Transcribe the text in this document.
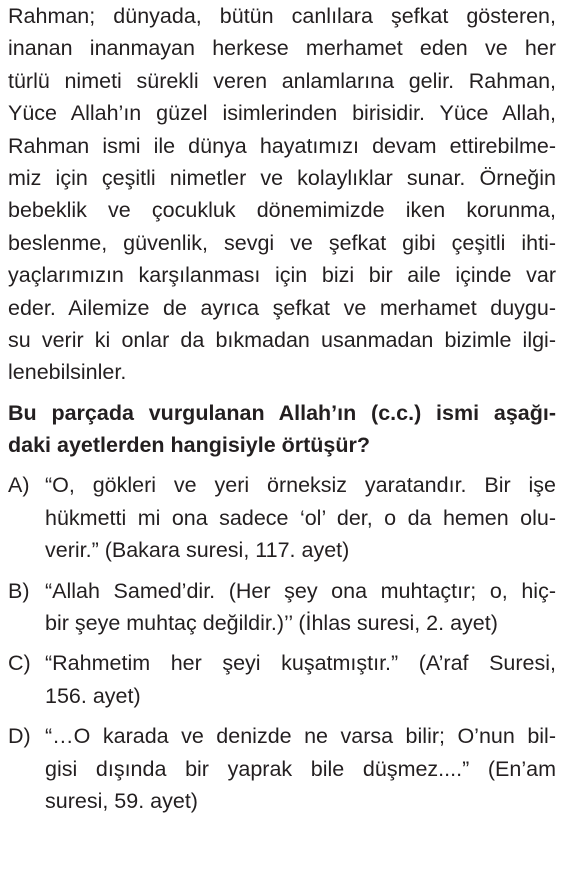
Rahman; dünyada, bütün canlılara şefkat gösteren,
inanan inanmayan herkese merhamet eden ve her
türlü nimeti sürekli veren anlamlarına gelir. Rahman,
Yüce Allah’ın güzel isimlerinden birisidir. Yüce Allah,
Rahman ismi ile dünya hayatımızı devam ettirebilme-
miz için çeşitli nimetler ve kolaylıklar sunar. Örneğin
bebeklik ve çocukluk dönemimizde iken korunma,
beslenme, güvenlik, sevgi ve şefkat gibi çeşitli ihti-
yaçlarımızın karşılanması için bizi bir aile içinde var
eder. Ailemize de ayrıca şefkat ve merhamet duygu-
su verir ki onlar da bıkmadan usanmadan bizimle ilgi-
lenebilsinler.
Bu parçada vurgulanan Allah’ın (c.c.) ismi aşağı-
daki ayetlerden hangisiyle örtüşür?
A) “O, gökleri ve yeri örneksiz yaratandır. Bir işe
hükmetti mi ona sadece ‘ol’ der, o da hemen olu-
verir.” (Bakara suresi, 117. ayet)
B) “Allah Samed’dir. (Her şey ona muhtaçtır; o, hiç-
bir şeye muhtaç değildir.)’’ (İhlas suresi, 2. ayet)
C) “Rahmetim her şeyi kuşatmıştır.” (A’raf Suresi,
156. ayet)
D) “…O karada ve denizde ne varsa bilir; O’nun bil-
gisi dışında bir yaprak bile düşmez....” (En’am
suresi, 59. ayet)
